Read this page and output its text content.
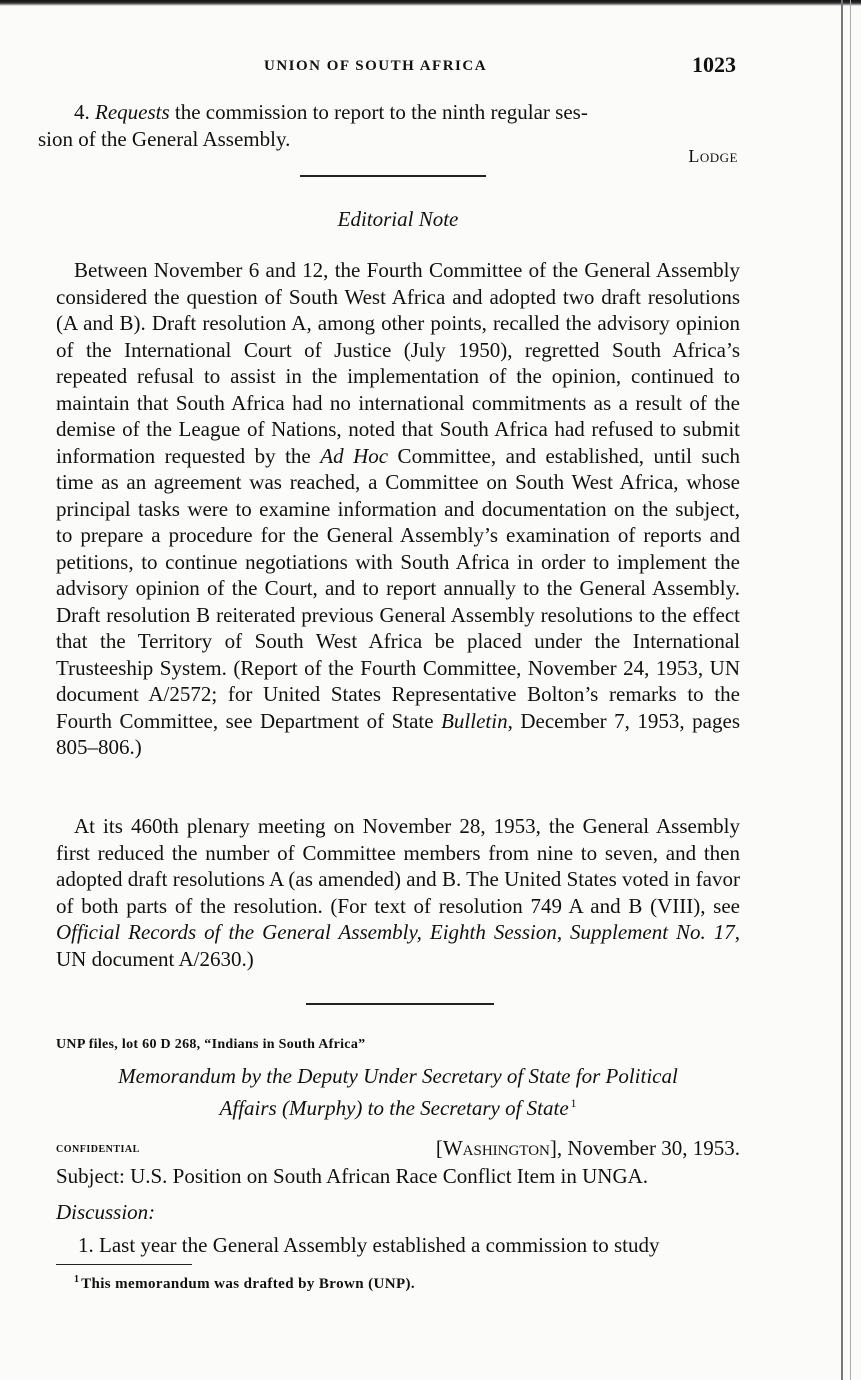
UNION OF SOUTH AFRICA	1023
4. Requests the commission to report to the ninth regular ses-
sion of the General Assembly.
Lodge
Editorial Note
Between November 6 and 12, the Fourth Committee of the General Assembly considered the question of South West Africa and adopted two draft resolutions (A and B). Draft resolution A, among other points, recalled the advisory opinion of the International Court of Justice (July 1950), regretted South Africa’s repeated refusal to assist in the implementation of the opinion, continued to maintain that South Africa had no international commitments as a result of the demise of the League of Nations, noted that South Africa had refused to submit information requested by the Ad Hoc Committee, and established, until such time as an agreement was reached, a Committee on South West Africa, whose principal tasks were to examine information and documentation on the subject, to prepare a procedure for the General Assembly’s examination of reports and petitions, to continue negotiations with South Africa in order to implement the advisory opinion of the Court, and to report annually to the General Assembly. Draft resolution B reiterated previous General Assembly resolutions to the effect that the Territory of South West Africa be placed under the International Trusteeship System. (Report of the Fourth Committee, November 24, 1953, UN document A/2572; for United States Representative Bolton’s remarks to the Fourth Committee, see Department of State Bulletin, December 7, 1953, pages 805–806.)
At its 460th plenary meeting on November 28, 1953, the General Assembly first reduced the number of Committee members from nine to seven, and then adopted draft resolutions A (as amended) and B. The United States voted in favor of both parts of the resolution. (For text of resolution 749 A and B (VIII), see Official Records of the General Assembly, Eighth Session, Supplement No. 17, UN document A/2630.)
UNP files, lot 60 D 268, “Indians in South Africa”
Memorandum by the Deputy Under Secretary of State for Political
Affairs (Murphy) to the Secretary of State  $^1$
confidential	[Washington], November 30, 1953.
Subject: U.S. Position on South African Race Conflict Item in UNGA.
Discussion:
1. Last year the General Assembly established a commission to study
$^1$  This memorandum was drafted by Brown (UNP).
